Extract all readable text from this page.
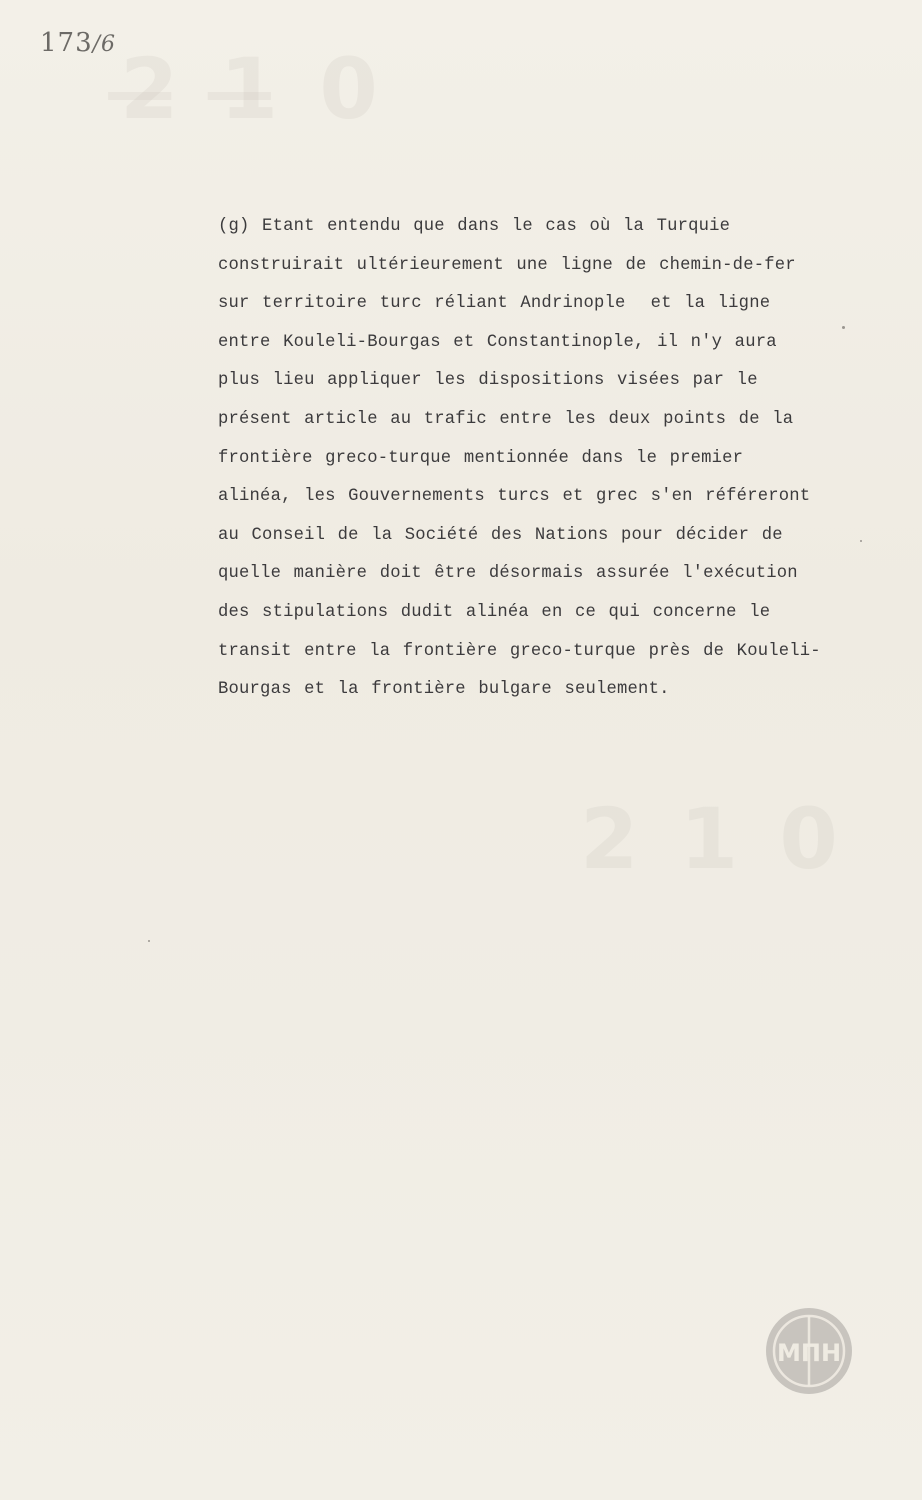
2̶ 1̶ 0
2 1 0
173/6
(g) Etant entendu que dans le cas où la Turquie
construirait ultérieurement une ligne de chemin-de-fer
sur territoire turc réliant Andrinople  et la ligne
entre Kouleli-Bourgas et Constantinople, il n'y aura
plus lieu appliquer les dispositions visées par le
présent article au trafic entre les deux points de la
frontière greco-turque mentionnée dans le premier
alinéa, les Gouvernements turcs et grec s'en référeront
au Conseil de la Société des Nations pour décider de
quelle manière doit être désormais assurée l'exécution
des stipulations dudit alinéa en ce qui concerne le
transit entre la frontière greco-turque près de Kouleli-
Bourgas et la frontière bulgare seulement.
ΜΠΗ
